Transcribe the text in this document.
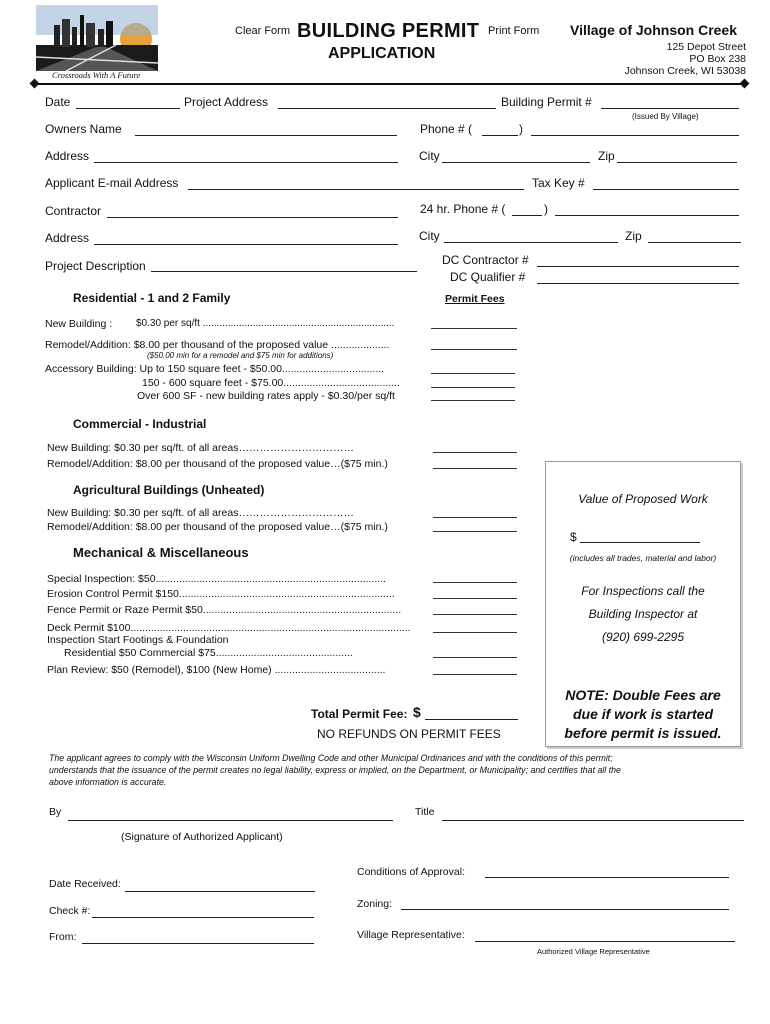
Crossroads With A Future
Clear Form BUILDING PERMIT
APPLICATION
Print Form Village of Johnson Creek
125 Depot Street
PO Box 238
Johnson Creek, WI 53038
Date	Project Address	Building Permit #
(Issued By Village)
Owners Name	Phone # (	)
Address	City	Zip
Applicant E-mail Address	Tax Key #
Contractor	24 hr. Phone # (	)
Address	City	Zip
Project Description	DC Contractor #
DC Qualifier #
Residential - 1 and 2 Family	Permit Fees
New Building : $0.30 per sq/ft .....................................................................
Remodel/Addition: $8.00 per thousand of the proposed value ....................
($50.00 min for a remodel and $75 min for additions)
Accessory Building: Up to 150 square feet - $50.00...................................
150 - 600 square feet - $75.00........................................
Over 600 SF - new building rates apply - $0.30/per sq/ft
Commercial - Industrial
New Building: $0.30 per sq/ft. of all areas……………………………
Remodel/Addition: $8.00 per thousand of the proposed value…($75 min.)
Agricultural Buildings (Unheated)
New Building: $0.30 per sq/ft. of all areas……………………………
Remodel/Addition: $8.00 per thousand of the proposed value…($75 min.)
Mechanical & Miscellaneous
Special Inspection: $50...............................................................................
Erosion Control Permit $150..........................................................................
Fence Permit or Raze Permit $50....................................................................
Deck Permit $100................................................................................................
Inspection Start Footings & Foundation
Residential $50 Commercial $75...............................................
Plan Review: $50 (Remodel), $100 (New Home) ......................................
Value of Proposed Work
$
(includes all trades, material and labor)
For Inspections call the
Building Inspector at
(920) 699-2295
NOTE: Double Fees are
due if work is started
before permit is issued.
Total Permit Fee: $
NO REFUNDS ON PERMIT FEES
The applicant agrees to comply with the Wisconsin Uniform Dwelling Code and other Municipal Ordinances and with the conditions of this permit;
understands that the issuance of the permit creates no legal liability, express or implied, on the Department, or Municipality; and certifies that all the
above information is accurate.
By	Title
(Signature of Authorized Applicant)
Conditions of Approval:
Date Received:
Zoning:
Check #:
Village Representative:
From:
Authorized Village Representative
